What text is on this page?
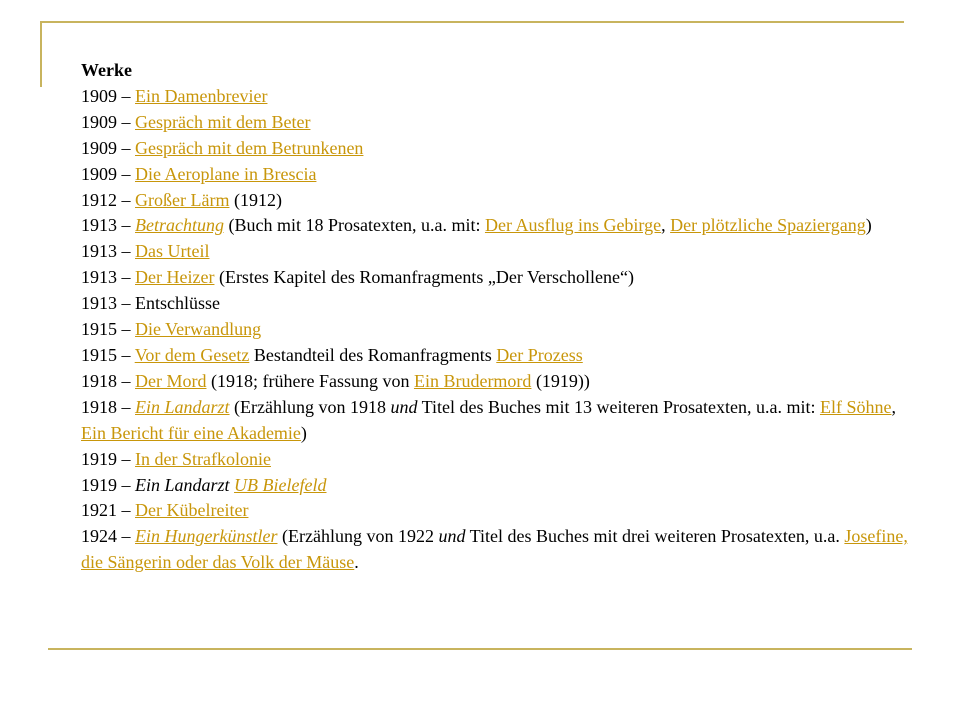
Werke
1909 – Ein Damenbrevier
1909 – Gespräch mit dem Beter
1909 – Gespräch mit dem Betrunkenen
1909 – Die Aeroplane in Brescia
1912 – Großer Lärm (1912)
1913 – Betrachtung (Buch mit 18 Prosatexten, u.a. mit: Der Ausflug ins Gebirge, Der plötzliche Spaziergang)
1913 – Das Urteil
1913 – Der Heizer (Erstes Kapitel des Romanfragments „Der Verschollene“)
1913 – Entschlüsse
1915 – Die Verwandlung
1915 – Vor dem Gesetz Bestandteil des Romanfragments Der Prozess
1918 – Der Mord (1918; frühere Fassung von Ein Brudermord (1919))
1918 – Ein Landarzt (Erzählung von 1918 und Titel des Buches mit 13 weiteren Prosatexten, u.a. mit: Elf Söhne, Ein Bericht für eine Akademie)
1919 – In der Strafkolonie
1919 – Ein Landarzt UB Bielefeld
1921 – Der Kübelreiter
1924 – Ein Hungerkünstler (Erzählung von 1922 und Titel des Buches mit drei weiteren Prosatexten, u.a. Josefine, die Sängerin oder das Volk der Mäuse.
